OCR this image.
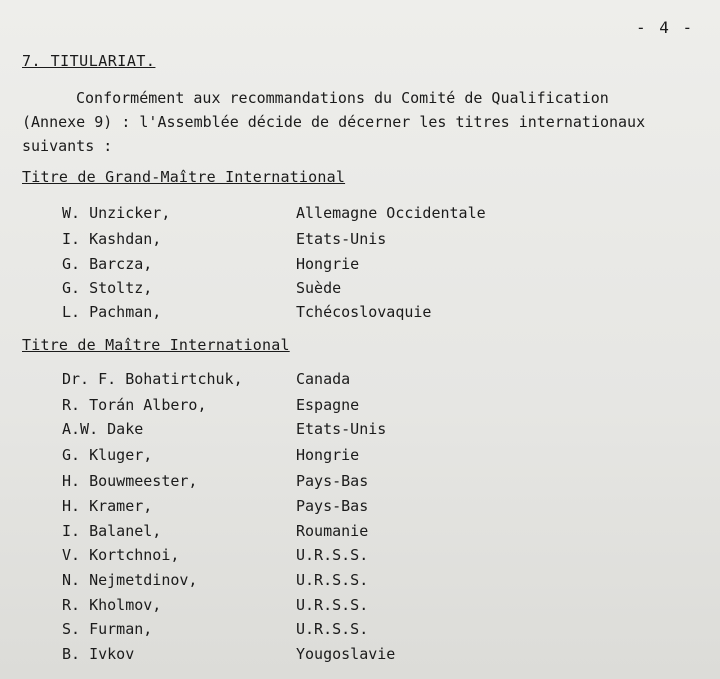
- 4 -
7. TITULARIAT.
Conformément aux recommandations du Comité de Qualification
(Annexe 9) : l'Assemblée décide de décerner les titres internationaux
suivants :
Titre de Grand-Maître International
W. Unzicker,	Allemagne Occidentale
I. Kashdan,	Etats-Unis
G. Barcza,	Hongrie
G. Stoltz,	Suède
L. Pachman,	Tchécoslovaquie
Titre de Maître International
Dr. F. Bohatirtchuk,	Canada
R. Torán Albero,	Espagne
A.W. Dake	Etats-Unis
G. Kluger,	Hongrie
H. Bouwmeester,	Pays-Bas
H. Kramer,	Pays-Bas
I. Balanel,	Roumanie
V. Kortchnoi,	U.R.S.S.
N. Nejmetdinov,	U.R.S.S.
R. Kholmov,	U.R.S.S.
S. Furman,	U.R.S.S.
B. Ivkov	Yougoslavie
